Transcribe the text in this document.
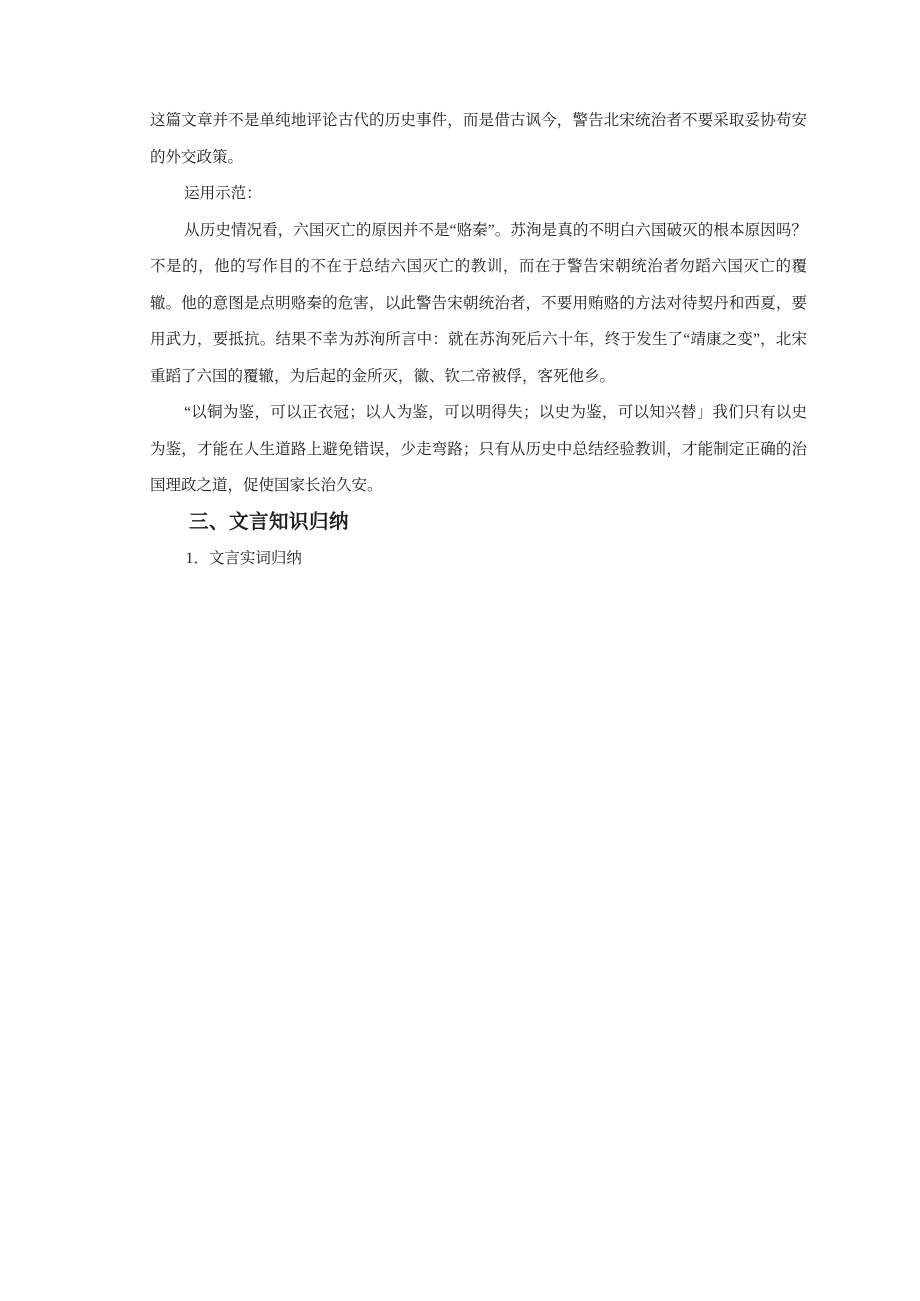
这篇文章并不是单纯地评论古代的历史事件，而是借古讽今，警告北宋统治者不要采取妥协苟安的外交政策。

运用示范：

从历史情况看，六国灭亡的原因并不是“赂秦”。苏洵是真的不明白六国破灭的根本原因吗？不是的，他的写作目的不在于总结六国灭亡的教训，而在于警告宋朝统治者勿蹈六国灭亡的覆辙。他的意图是点明赂秦的危害，以此警告宋朝统治者，不要用贿赂的方法对待契丹和西夏，要用武力，要抵抗。结果不幸为苏洵所言中：就在苏洵死后六十年，终于发生了“靖康之变”，北宋重蹈了六国的覆辙，为后起的金所灭，徽、钦二帝被俘，客死他乡。

“以铜为鉴，可以正衣冠；以人为鉴，可以明得失；以史为鉴，可以知兴替」我们只有以史为鉴，才能在人生道路上避免错误，少走弯路；只有从历史中总结经验教训，才能制定正确的治国理政之道，促使国家长治久安。

三、文言知识归纳

1．文言实词归纳
